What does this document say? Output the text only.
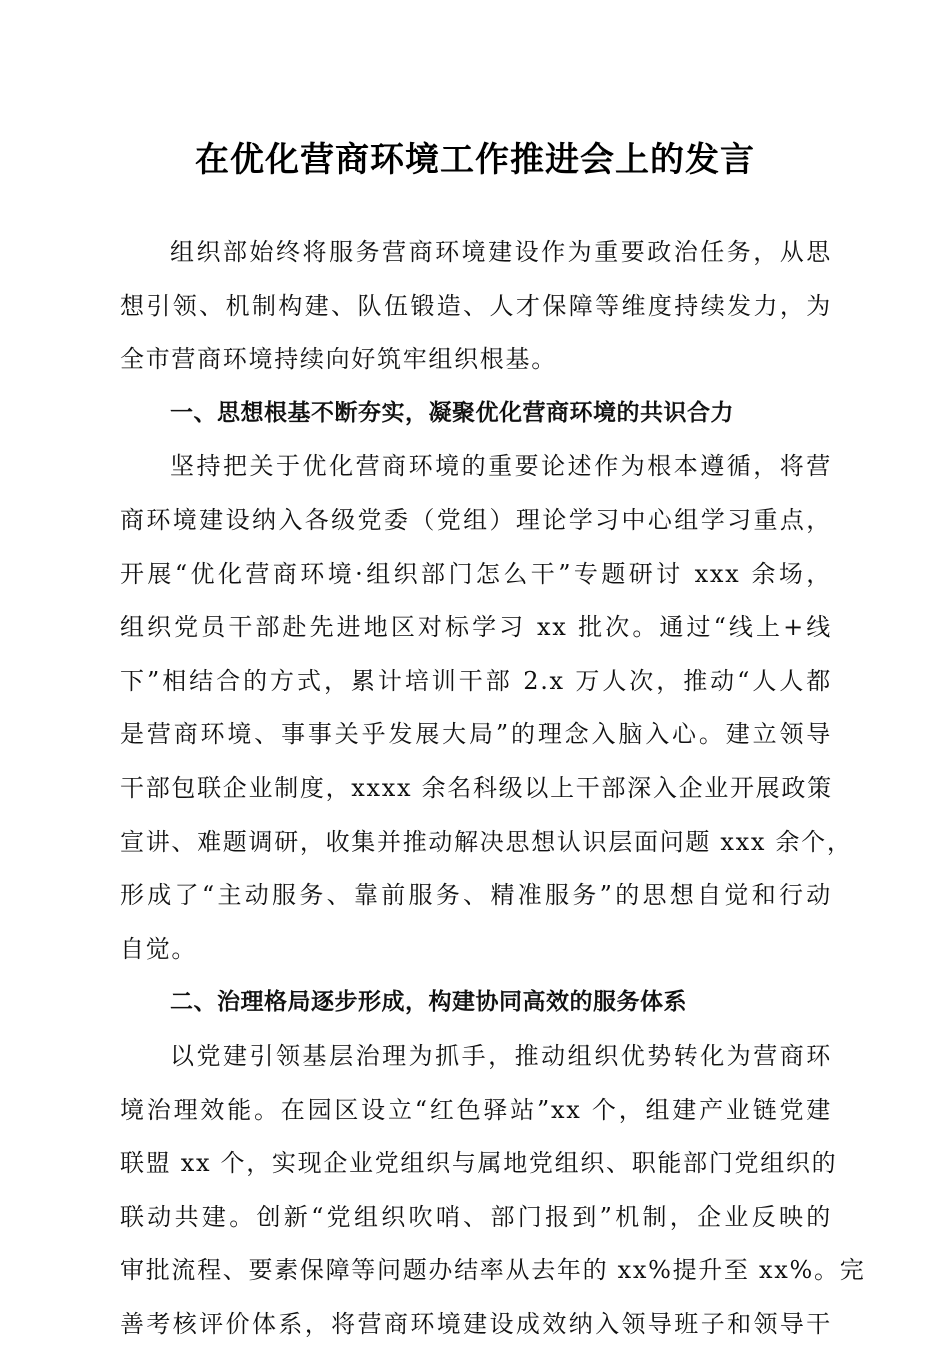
在优化营商环境工作推进会上的发言
组织部始终将服务营商环境建设作为重要政治任务，从思
想引领、机制构建、队伍锻造、人才保障等维度持续发力，为
全市营商环境持续向好筑牢组织根基。
一、思想根基不断夯实，凝聚优化营商环境的共识合力
坚持把关于优化营商环境的重要论述作为根本遵循，将营
商环境建设纳入各级党委（党组）理论学习中心组学习重点，
开展“优化营商环境·组织部门怎么干”专题研讨 xxx 余场，
组织党员干部赴先进地区对标学习 xx 批次。通过“线上+线
下”相结合的方式，累计培训干部 2.x 万人次，推动“人人都
是营商环境、事事关乎发展大局”的理念入脑入心。建立领导
干部包联企业制度，xxxx 余名科级以上干部深入企业开展政策
宣讲、难题调研，收集并推动解决思想认识层面问题 xxx 余个，
形成了“主动服务、靠前服务、精准服务”的思想自觉和行动
自觉。
二、治理格局逐步形成，构建协同高效的服务体系
以党建引领基层治理为抓手，推动组织优势转化为营商环
境治理效能。在园区设立“红色驿站”xx 个，组建产业链党建
联盟 xx 个，实现企业党组织与属地党组织、职能部门党组织的
联动共建。创新“党组织吹哨、部门报到”机制，企业反映的
审批流程、要素保障等问题办结率从去年的 xx%提升至 xx%。完
善考核评价体系，将营商环境建设成效纳入领导班子和领导干
